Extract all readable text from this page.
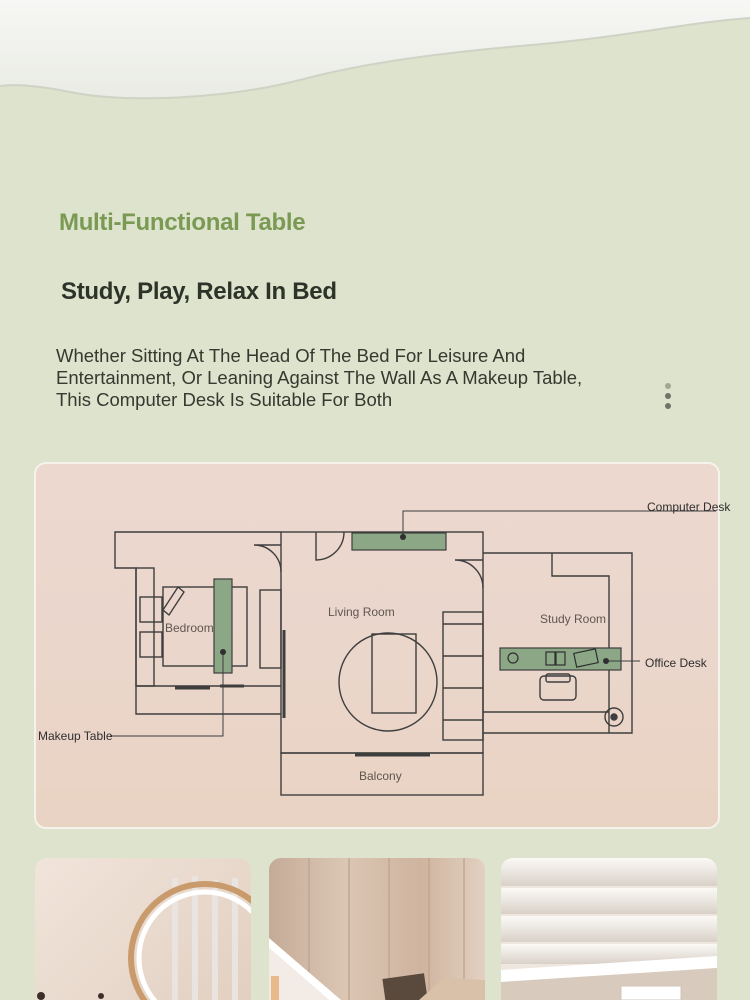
Multi-Functional Table
Study, Play, Relax In Bed

Whether Sitting At The Head Of The Bed For Leisure And Entertainment, Or Leaning Against The Wall As A Makeup Table, This Computer Desk Is Suitable For Both

Bedroom
Living Room	Study Room
Balcony
Computer Desk
Office Desk
Makeup Table
